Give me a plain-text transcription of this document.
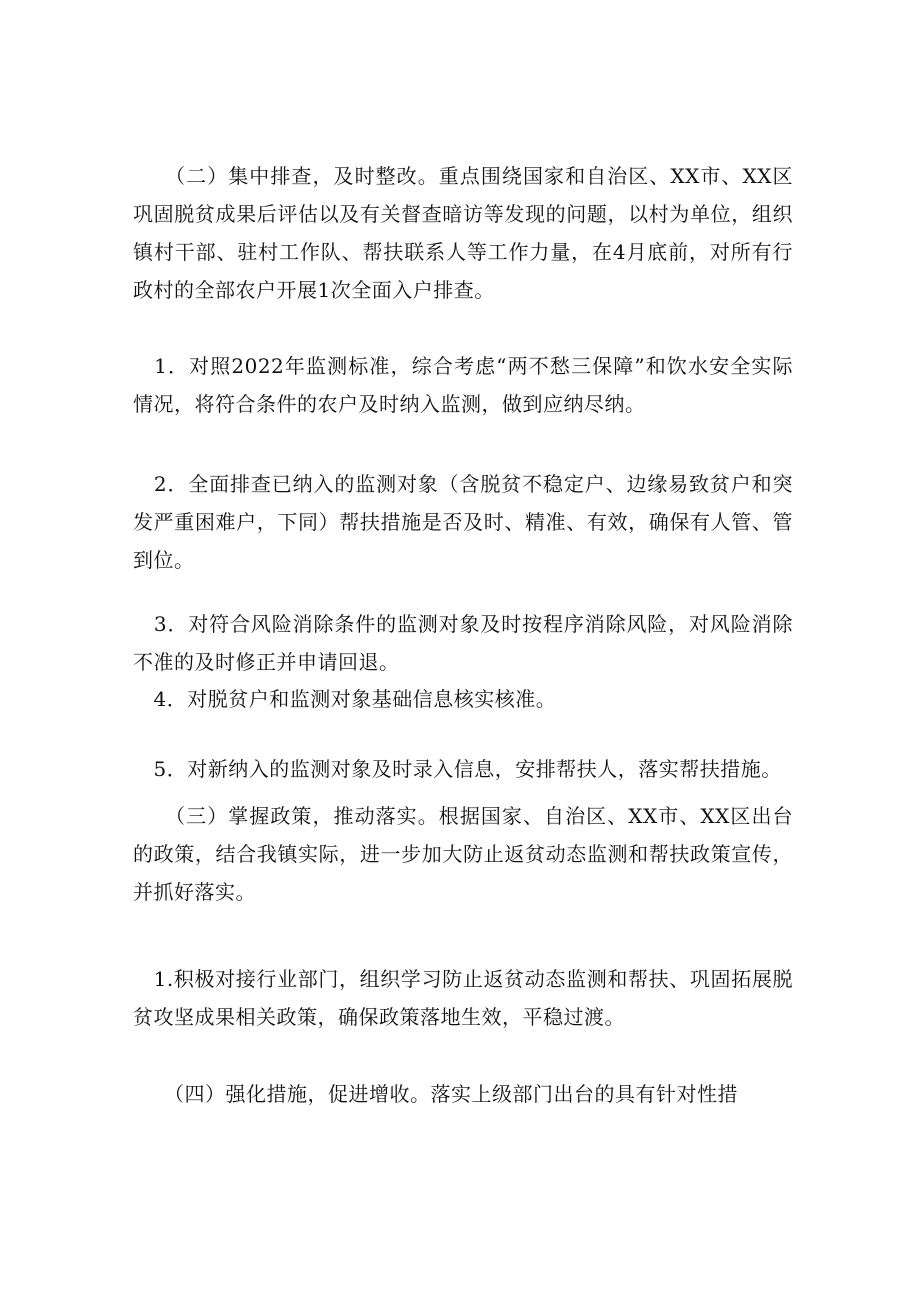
　　（二）集中排查，及时整改。重点围绕国家和自治区、XX市、XX区巩固脱贫成果后评估以及有关督查暗访等发现的问题，以村为单位，组织镇村干部、驻村工作队、帮扶联系人等工作力量，在4月底前，对所有行政村的全部农户开展1次全面入户排查。

　1．对照2022年监测标准，综合考虑“两不愁三保障”和饮水安全实际情况，将符合条件的农户及时纳入监测，做到应纳尽纳。

　2．全面排查已纳入的监测对象（含脱贫不稳定户、边缘易致贫户和突发严重困难户，下同）帮扶措施是否及时、精准、有效，确保有人管、管到位。

　3．对符合风险消除条件的监测对象及时按程序消除风险，对风险消除不准的及时修正并申请回退。

　4．对脱贫户和监测对象基础信息核实核准。

　5．对新纳入的监测对象及时录入信息，安排帮扶人，落实帮扶措施。

　　（三）掌握政策，推动落实。根据国家、自治区、XX市、XX区出台的政策，结合我镇实际，进一步加大防止返贫动态监测和帮扶政策宣传，并抓好落实。

　1.积极对接行业部门，组织学习防止返贫动态监测和帮扶、巩固拓展脱贫攻坚成果相关政策，确保政策落地生效，平稳过渡。

　　（四）强化措施，促进增收。落实上级部门出台的具有针对性措
